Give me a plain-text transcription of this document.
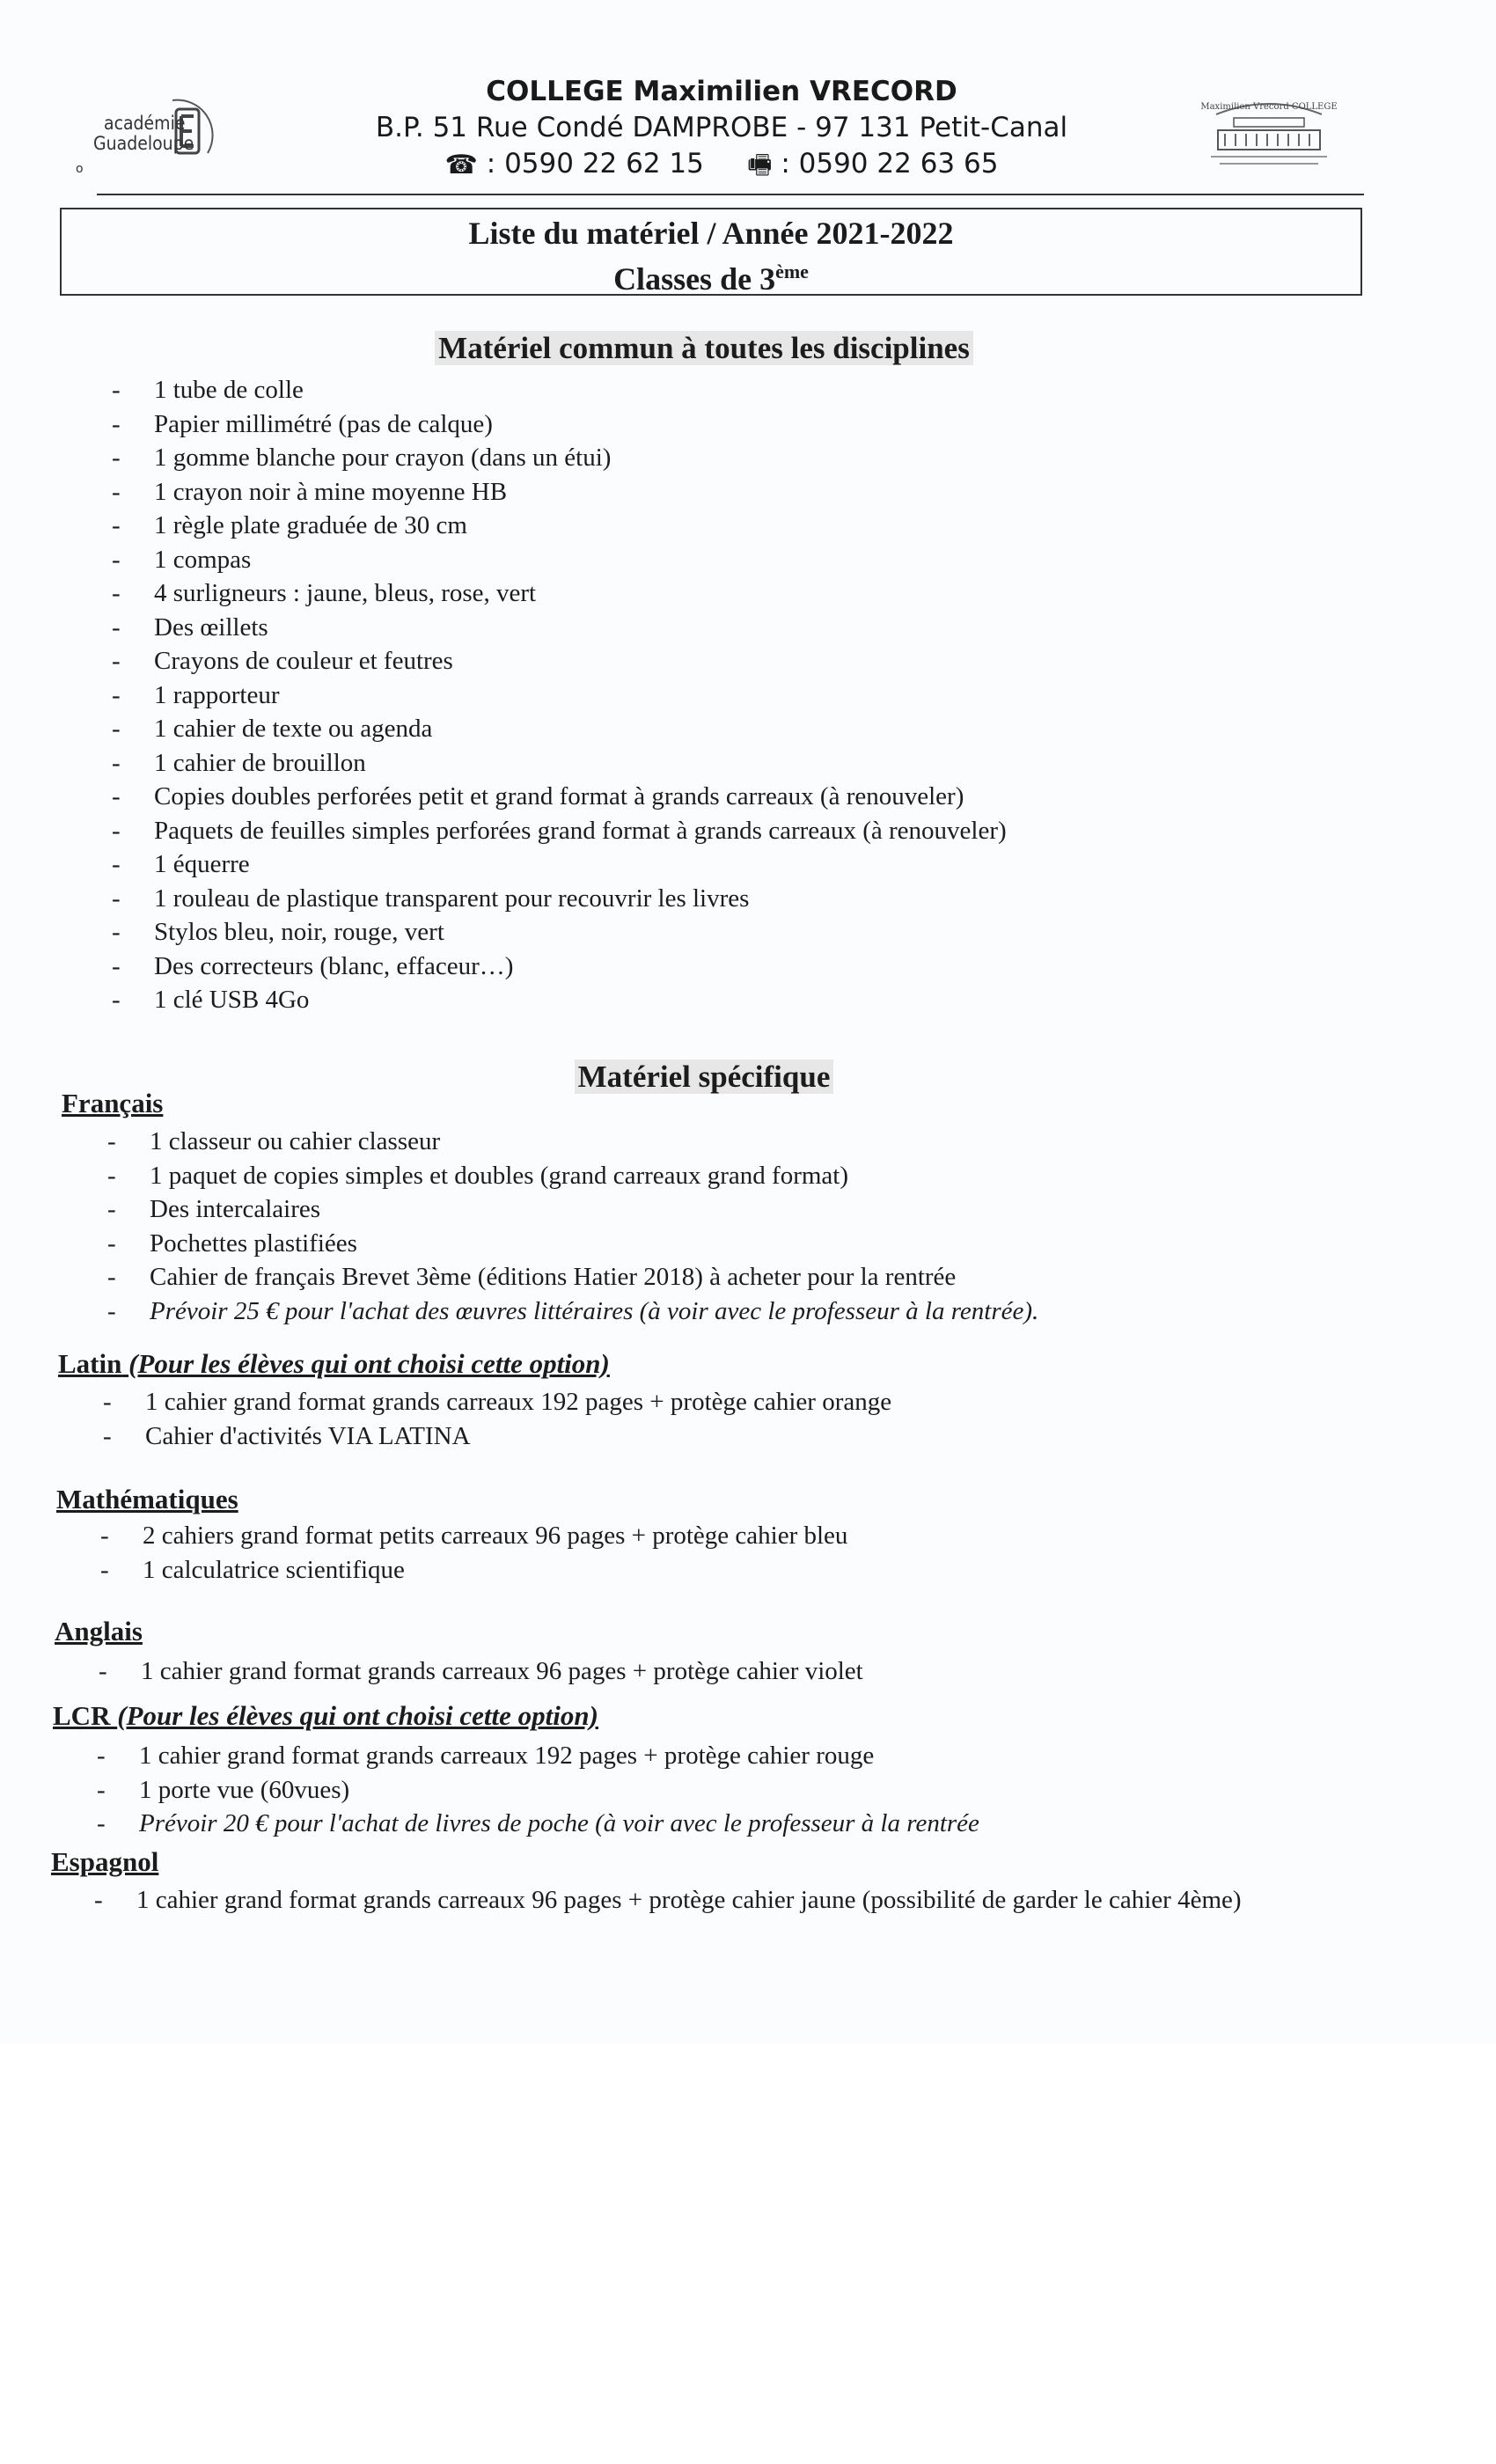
académie
Guadeloupe
o
Maximilien Vrecord COLLEGE
COLLEGE Maximilien VRECORD
B.P. 51 Rue Condé DAMPROBE - 97 131 Petit-Canal
☎ : 0590 22 62 15 🖷 : 0590 22 63 65
Liste du matériel / Année 2021-2022
Classes de 3ème
Matériel commun à toutes les disciplines
- 1 tube de colle
- Papier millimétré (pas de calque)
- 1 gomme blanche pour crayon (dans un étui)
- 1 crayon noir à mine moyenne HB
- 1 règle plate graduée de 30 cm
- 1 compas
- 4 surligneurs : jaune, bleus, rose, vert
- Des œillets
- Crayons de couleur et feutres
- 1 rapporteur
- 1 cahier de texte ou agenda
- 1 cahier de brouillon
- Copies doubles perforées petit et grand format à grands carreaux (à renouveler)
- Paquets de feuilles simples perforées grand format à grands carreaux (à renouveler)
- 1 équerre
- 1 rouleau de plastique transparent pour recouvrir les livres
- Stylos bleu, noir, rouge, vert
- Des correcteurs (blanc, effaceur…)
- 1 clé USB 4Go
Matériel spécifique
Français
- 1 classeur ou cahier classeur
- 1 paquet de copies simples et doubles (grand carreaux grand format)
- Des intercalaires
- Pochettes plastifiées
- Cahier de français Brevet 3ème (éditions Hatier 2018) à acheter pour la rentrée
- Prévoir 25 € pour l'achat des œuvres littéraires (à voir avec le professeur à la rentrée).
Latin (Pour les élèves qui ont choisi cette option)
- 1 cahier grand format grands carreaux 192 pages + protège cahier orange
- Cahier d'activités VIA LATINA
Mathématiques
- 2 cahiers grand format petits carreaux 96 pages + protège cahier bleu
- 1 calculatrice scientifique
Anglais
- 1 cahier grand format grands carreaux 96 pages + protège cahier violet
LCR (Pour les élèves qui ont choisi cette option)
- 1 cahier grand format grands carreaux 192 pages + protège cahier rouge
- 1 porte vue (60vues)
- Prévoir 20 € pour l'achat de livres de poche (à voir avec le professeur à la rentrée
Espagnol
- 1 cahier grand format grands carreaux 96 pages + protège cahier jaune (possibilité de garder le cahier 4ème)
